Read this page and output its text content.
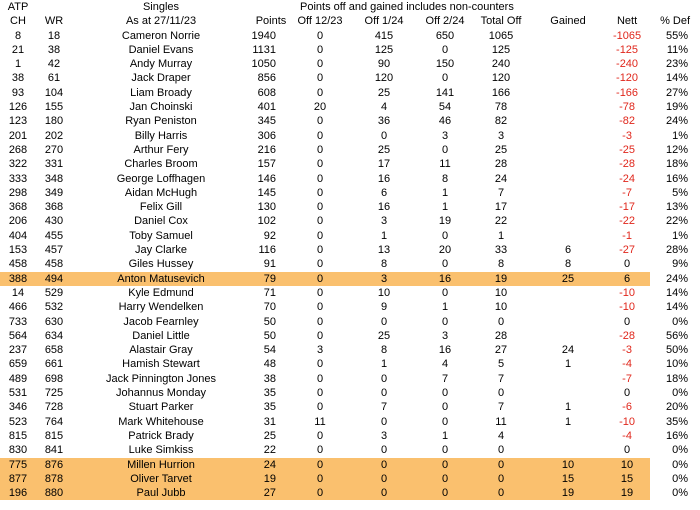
ATP		Singles		Points off and gained includes non-counters						
CH	WR	As at 27/11/23	Points	Off 12/23	Off 1/24	Off 2/24	Total Off	Gained	Nett	% Def
8	18	Cameron Norrie	1940	0	415	650	1065		-1065	55%
21	38	Daniel Evans	1131	0	125	0	125		-125	11%
1	42	Andy Murray	1050	0	90	150	240		-240	23%
38	61	Jack Draper	856	0	120	0	120		-120	14%
93	104	Liam Broady	608	0	25	141	166		-166	27%
126	155	Jan Choinski	401	20	4	54	78		-78	19%
123	180	Ryan Peniston	345	0	36	46	82		-82	24%
201	202	Billy Harris	306	0	0	3	3		-3	1%
268	270	Arthur Fery	216	0	25	0	25		-25	12%
322	331	Charles Broom	157	0	17	11	28		-28	18%
333	348	George Loffhagen	146	0	16	8	24		-24	16%
298	349	Aidan McHugh	145	0	6	1	7		-7	5%
368	368	Felix Gill	130	0	16	1	17		-17	13%
206	430	Daniel Cox	102	0	3	19	22		-22	22%
404	455	Toby Samuel	92	0	1	0	1		-1	1%
153	457	Jay Clarke	116	0	13	20	33	6	-27	28%
458	458	Giles Hussey	91	0	8	0	8	8	0	9%
388	494	Anton Matusevich	79	0	3	16	19	25	6	24%
14	529	Kyle Edmund	71	0	10	0	10		-10	14%
466	532	Harry Wendelken	70	0	9	1	10		-10	14%
733	630	Jacob Fearnley	50	0	0	0	0		0	0%
564	634	Daniel Little	50	0	25	3	28		-28	56%
237	658	Alastair Gray	54	3	8	16	27	24	-3	50%
659	661	Hamish Stewart	48	0	1	4	5	1	-4	10%
489	698	Jack Pinnington Jones	38	0	0	7	7		-7	18%
531	725	Johannus Monday	35	0	0	0	0		0	0%
346	728	Stuart Parker	35	0	7	0	7	1	-6	20%
523	764	Mark Whitehouse	31	11	0	0	11	1	-10	35%
815	815	Patrick Brady	25	0	3	1	4		-4	16%
830	841	Luke Simkiss	22	0	0	0	0		0	0%
775	876	Millen Hurrion	24	0	0	0	0	10	10	0%
877	878	Oliver Tarvet	19	0	0	0	0	15	15	0%
196	880	Paul Jubb	27	0	0	0	0	19	19	0%
